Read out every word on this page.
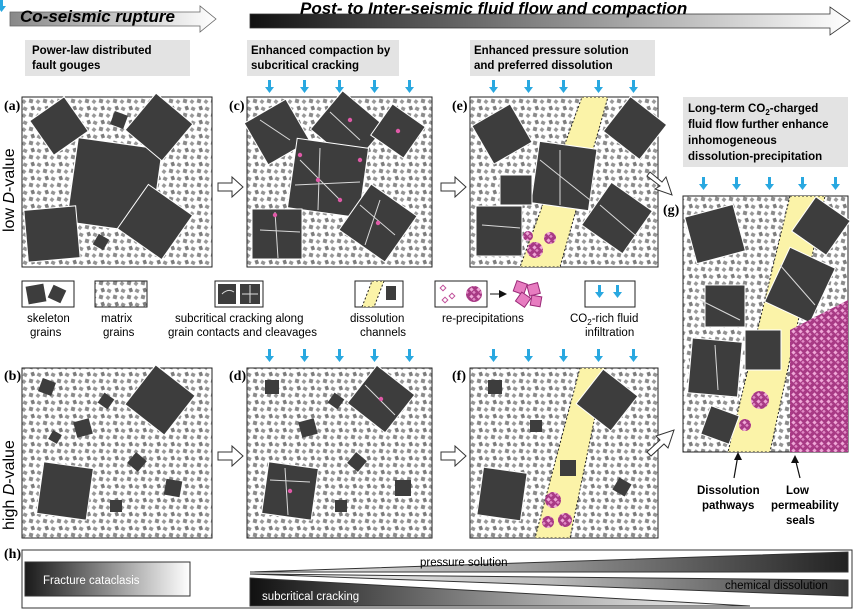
Co-seismic rupture	Post- to Inter-seismic fluid flow and compaction
Power-law distributed
fault gouges
Enhanced compaction by
subcritical cracking
Enhanced pressure solution
and preferred dissolution
Long-term $CO_2$-charged
fluid flow further enhance
inhomogeneous
dissolution-precipitation
low D-value
high D-value
(a)	(c)	(e)
(b)	(d)	(f)
(g)
skeleton
grains
matrix
grains
subcritical cracking along
grain contacts and cleavages
dissolution
channels
re-precipitations	$CO_2$-rich fluid
infiltration
Dissolution
pathways
Low
permeability
seals
(h)
Fracture cataclasis
pressure solution
chemical dissolution
subcritical cracking
